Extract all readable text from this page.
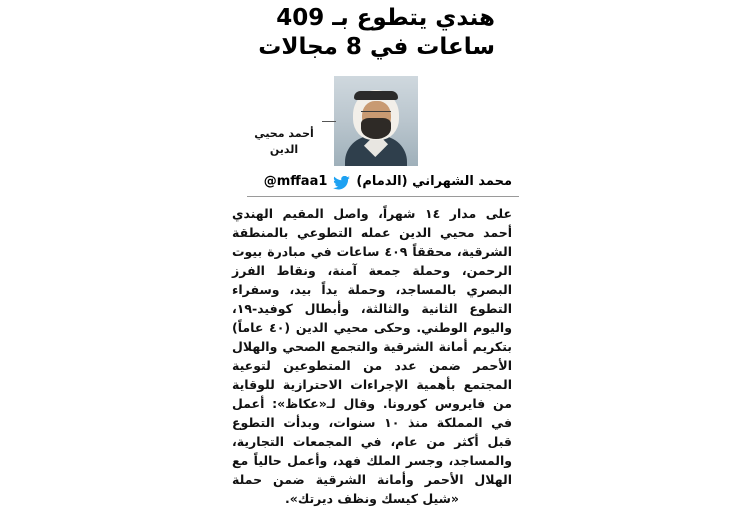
هندي يتطوع بـ 409 ساعات في 8 مجالات
أحمد محيي الدين
محمد الشهراني (الدمام)
@mffaa1

على مدار ١٤ شهراً، واصل المقيم الهندي أحمد محيي الدين عمله التطوعي بالمنطقة الشرقية، محققاً ٤٠٩ ساعات في مبادرة بيوت الرحمن، وحملة جمعة آمنة، ونقاط الفرز البصري بالمساجد، وحملة يداً بيد، وسفراء التطوع الثانية والثالثة، وأبطال كوفيد-١٩، واليوم الوطني. وحكى محيي الدين (٤٠ عاماً) بتكريم أمانة الشرقية والتجمع الصحي والهلال الأحمر ضمن عدد من المتطوعين لتوعية المجتمع بأهمية الإجراءات الاحترازية للوقاية من فايروس كورونا. وقال لـ«عكاظ»: أعمل في المملكة منذ ١٠ سنوات، وبدأت التطوع قبل أكثر من عام، في المجمعات التجارية، والمساجد، وجسر الملك فهد، وأعمل حالياً مع الهلال الأحمر وأمانة الشرقية ضمن حملة «شيل كيسك ونظف ديرتك».
